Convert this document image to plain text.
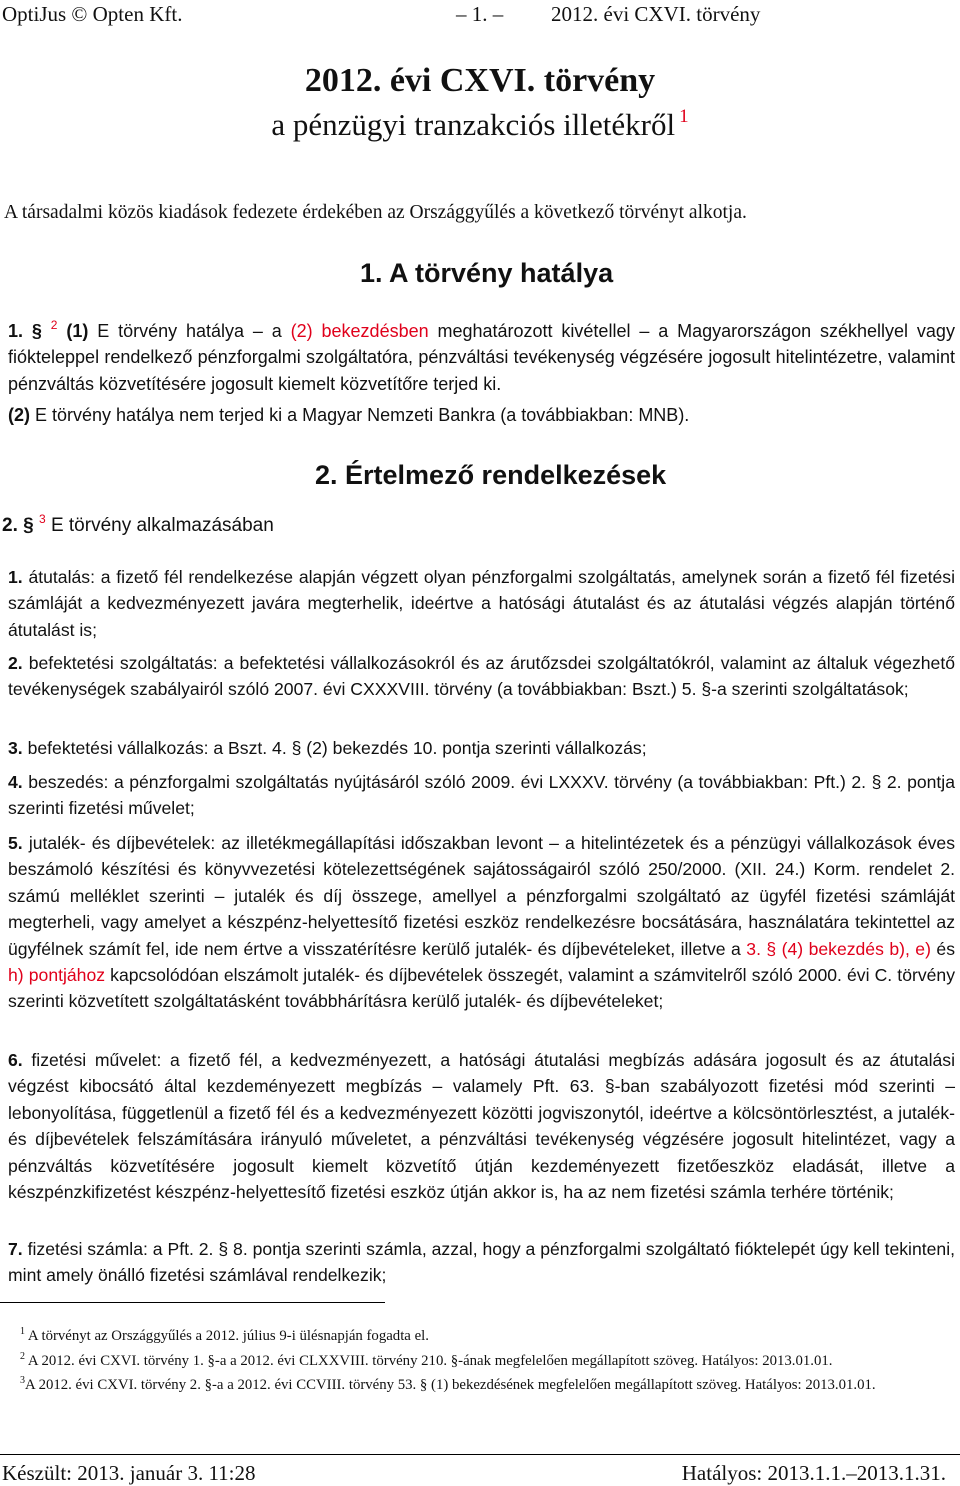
OptiJus © Opten Kft.	– 1. – 2012. évi CXVI. törvény
2012. évi CXVI. törvény
a pénzügyi tranzakciós illetékről $^1$
A társadalmi közös kiadások fedezete érdekében az Országgyűlés a következő törvényt alkotja.
1. A törvény hatálya
1. § $^2$ (1) E törvény hatálya – a (2) bekezdésben meghatározott kivétellel – a Magyarországon székhellyel vagy fiókteleppel rendelkező pénzforgalmi szolgáltatóra, pénzváltási tevékenység végzésére jogosult hitelintézetre, valamint pénzváltás közvetítésére jogosult kiemelt közvetítőre terjed ki.
(2) E törvény hatálya nem terjed ki a Magyar Nemzeti Bankra (a továbbiakban: MNB).
2. Értelmező rendelkezések
2. § $^3$ E törvény alkalmazásában
1. átutalás: a fizető fél rendelkezése alapján végzett olyan pénzforgalmi szolgáltatás, amelynek során a fizető fél fizetési számláját a kedvezményezett javára megterhelik, ideértve a hatósági átutalást és az átutalási végzés alapján történő átutalást is;
2. befektetési szolgáltatás: a befektetési vállalkozásokról és az árutőzsdei szolgáltatókról, valamint az általuk végezhető tevékenységek szabályairól szóló 2007. évi CXXXVIII. törvény (a továbbiakban: Bszt.) 5. §-a szerinti szolgáltatások;
3. befektetési vállalkozás: a Bszt. 4. § (2) bekezdés 10. pontja szerinti vállalkozás;
4. beszedés: a pénzforgalmi szolgáltatás nyújtásáról szóló 2009. évi LXXXV. törvény (a továbbiakban: Pft.) 2. § 2. pontja szerinti fizetési művelet;
5. jutalék- és díjbevételek: az illetékmegállapítási időszakban levont – a hitelintézetek és a pénzügyi vállalkozások éves beszámoló készítési és könyvvezetési kötelezettségének sajátosságairól szóló 250/2000. (XII. 24.) Korm. rendelet 2. számú melléklet szerinti – jutalék és díj összege, amellyel a pénzforgalmi szolgáltató az ügyfél fizetési számláját megterheli, vagy amelyet a készpénz-helyettesítő fizetési eszköz rendelkezésre bocsátására, használatára tekintettel az ügyfélnek számít fel, ide nem értve a visszatérítésre kerülő jutalék- és díjbevételeket, illetve a 3. § (4) bekezdés b), e) és h) pontjához kapcsolódóan elszámolt jutalék- és díjbevételek összegét, valamint a számvitelről szóló 2000. évi C. törvény szerinti közvetített szolgáltatásként továbbhárításra kerülő jutalék- és díjbevételeket;
6. fizetési művelet: a fizető fél, a kedvezményezett, a hatósági átutalási megbízás adására jogosult és az átutalási végzést kibocsátó által kezdeményezett megbízás – valamely Pft. 63. §-ban szabályozott fizetési mód szerinti – lebonyolítása, függetlenül a fizető fél és a kedvezményezett közötti jogviszonytól, ideértve a kölcsöntörlesztést, a jutalék- és díjbevételek felszámítására irányuló műveletet, a pénzváltási tevékenység végzésére jogosult hitelintézet, vagy a pénzváltás közvetítésére jogosult kiemelt közvetítő útján kezdeményezett fizetőeszköz eladását, illetve a készpénzkifizetést készpénz-helyettesítő fizetési eszköz útján akkor is, ha az nem fizetési számla terhére történik;
7. fizetési számla: a Pft. 2. § 8. pontja szerinti számla, azzal, hogy a pénzforgalmi szolgáltató fióktelepét úgy kell tekinteni, mint amely önálló fizetési számlával rendelkezik;

$^1$ A törvényt az Országgyűlés a 2012. július 9-i ülésnapján fogadta el.

$^2$ A 2012. évi CXVI. törvény 1. §-a a 2012. évi CLXXVIII. törvény 210. §-ának megfelelően megállapított szöveg. Hatályos: 2013.01.01.

$^3$A 2012. évi CXVI. törvény 2. §-a a 2012. évi CCVIII. törvény 53. § (1) bekezdésének megfelelően megállapított szöveg. Hatályos: 2013.01.01.

Készült: 2013. január 3. 11:28	Hatályos: 2013.1.1.–2013.1.31.
